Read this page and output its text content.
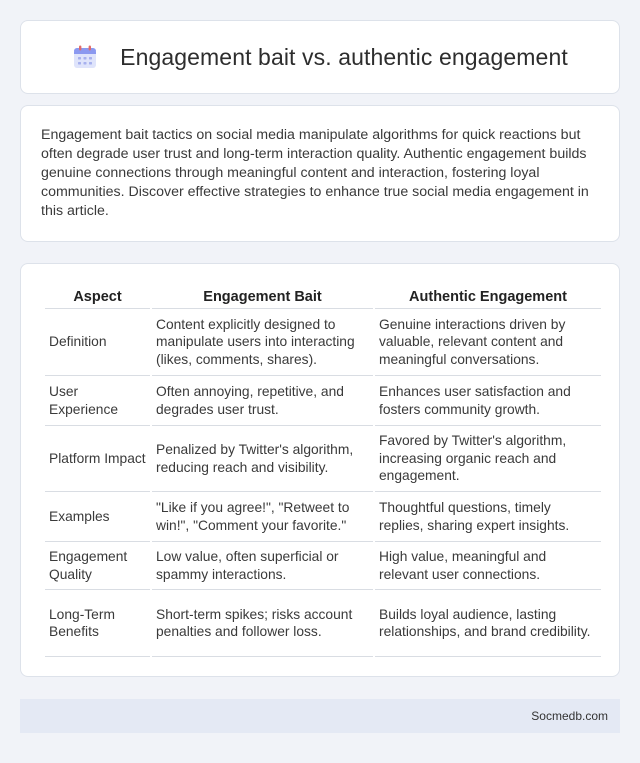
Engagement bait vs. authentic engagement

Engagement bait tactics on social media manipulate algorithms for quick reactions but often degrade user trust and long-term interaction quality. Authentic engagement builds genuine connections through meaningful content and interaction, fostering loyal communities. Discover effective strategies to enhance true social media engagement in this article.

Aspect	Engagement Bait	Authentic Engagement
Definition	Content explicitly designed to manipulate users into interacting (likes, comments, shares).	Genuine interactions driven by valuable, relevant content and meaningful conversations.
User Experience	Often annoying, repetitive, and degrades user trust.	Enhances user satisfaction and fosters community growth.
Platform Impact	Penalized by Twitter's algorithm, reducing reach and visibility.	Favored by Twitter's algorithm, increasing organic reach and engagement.
Examples	"Like if you agree!", "Retweet to win!", "Comment your favorite."	Thoughtful questions, timely replies, sharing expert insights.
Engagement Quality	Low value, often superficial or spammy interactions.	High value, meaningful and relevant user connections.
Long-Term Benefits	Short-term spikes; risks account penalties and follower loss.	Builds loyal audience, lasting relationships, and brand credibility.
Socmedb.com
